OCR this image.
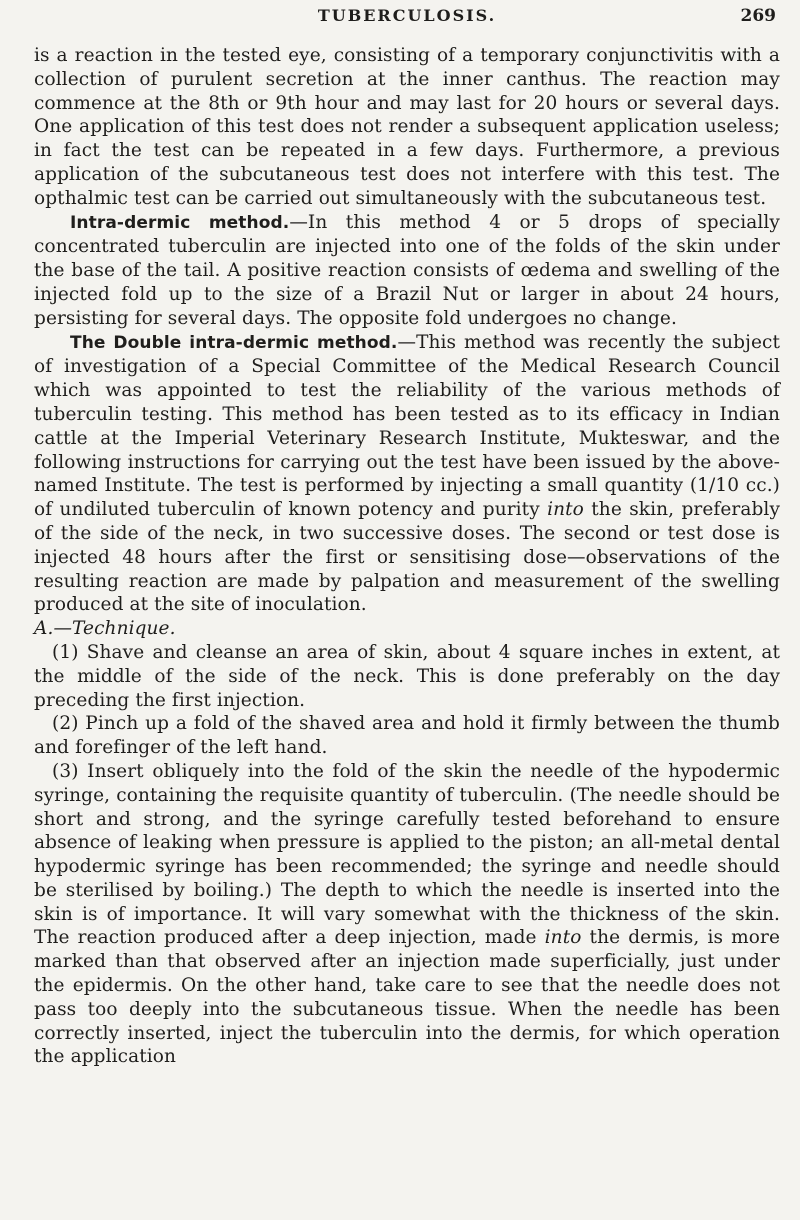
TUBERCULOSIS.	269

is a reaction in the tested eye, consisting of a temporary conjunctivitis with a collection of purulent secretion at the inner canthus. The reaction may commence at the 8th or 9th hour and may last for 20 hours or several days. One application of this test does not render a subsequent application useless; in fact the test can be repeated in a few days. Furthermore, a previous application of the subcutaneous test does not interfere with this test. The opthalmic test can be carried out simultaneously with the subcutaneous test.

Intra-dermic method.—In this method 4 or 5 drops of specially concentrated tuberculin are injected into one of the folds of the skin under the base of the tail. A positive reaction consists of œdema and swelling of the injected fold up to the size of a Brazil Nut or larger in about 24 hours, persisting for several days. The opposite fold undergoes no change.

The Double intra-dermic method.—This method was recently the subject of investigation of a Special Committee of the Medical Research Council which was appointed to test the reliability of the various methods of tuberculin testing. This method has been tested as to its efficacy in Indian cattle at the Imperial Veterinary Research Institute, Mukteswar, and the following instructions for carrying out the test have been issued by the above-named Institute. The test is performed by injecting a small quantity (1/10 cc.) of undiluted tuberculin of known potency and purity into the skin, preferably of the side of the neck, in two successive doses. The second or test dose is injected 48 hours after the first or sensitising dose—observations of the resulting reaction are made by palpation and measurement of the swelling produced at the site of inoculation.

A.—Technique.

(1) Shave and cleanse an area of skin, about 4 square inches in extent, at the middle of the side of the neck. This is done preferably on the day preceding the first injection.

(2) Pinch up a fold of the shaved area and hold it firmly between the thumb and forefinger of the left hand.

(3) Insert obliquely into the fold of the skin the needle of the hypodermic syringe, containing the requisite quantity of tuberculin. (The needle should be short and strong, and the syringe carefully tested beforehand to ensure absence of leaking when pressure is applied to the piston; an all-metal dental hypodermic syringe has been recommended; the syringe and needle should be sterilised by boiling.) The depth to which the needle is inserted into the skin is of importance. It will vary somewhat with the thickness of the skin. The reaction produced after a deep injection, made into the dermis, is more marked than that observed after an injection made superficially, just under the epidermis. On the other hand, take care to see that the needle does not pass too deeply into the subcutaneous tissue. When the needle has been correctly inserted, inject the tuberculin into the dermis, for which operation the application
